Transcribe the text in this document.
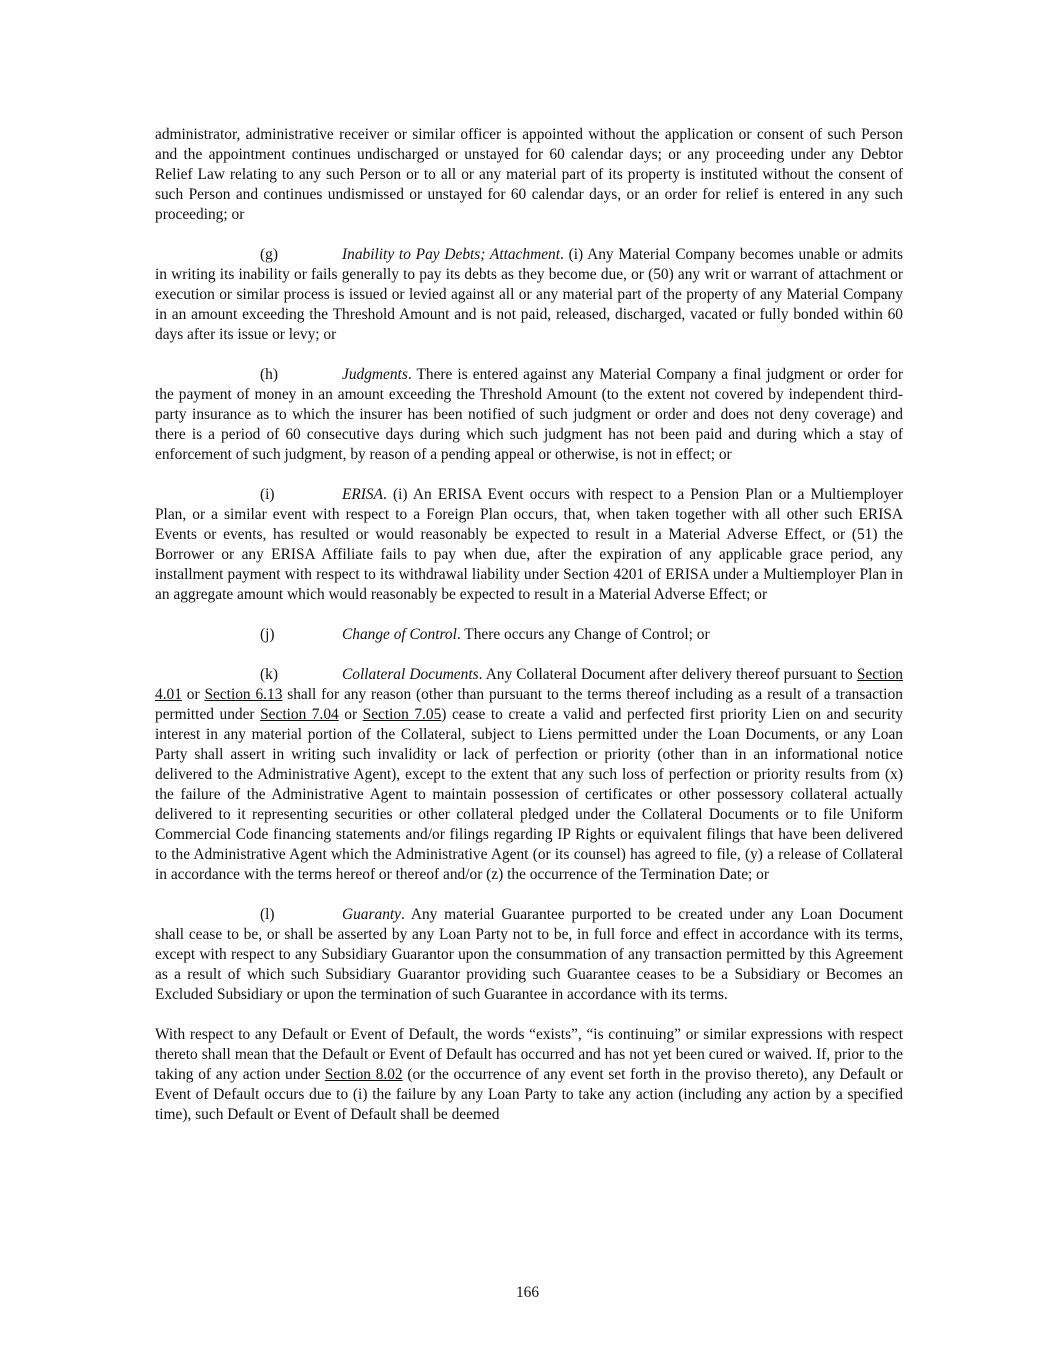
administrator, administrative receiver or similar officer is appointed without the application or consent of such Person and the appointment continues undischarged or unstayed for 60 calendar days; or any proceeding under any Debtor Relief Law relating to any such Person or to all or any material part of its property is instituted without the consent of such Person and continues undismissed or unstayed for 60 calendar days, or an order for relief is entered in any such proceeding; or

(g)	Inability to Pay Debts; Attachment. (i) Any Material Company becomes unable or admits in writing its inability or fails generally to pay its debts as they become due, or (50) any writ or warrant of attachment or execution or similar process is issued or levied against all or any material part of the property of any Material Company in an amount exceeding the Threshold Amount and is not paid, released, discharged, vacated or fully bonded within 60 days after its issue or levy; or

(h)	Judgments. There is entered against any Material Company a final judgment or order for the payment of money in an amount exceeding the Threshold Amount (to the extent not covered by independent third-party insurance as to which the insurer has been notified of such judgment or order and does not deny coverage) and there is a period of 60 consecutive days during which such judgment has not been paid and during which a stay of enforcement of such judgment, by reason of a pending appeal or otherwise, is not in effect; or

(i)	ERISA. (i) An ERISA Event occurs with respect to a Pension Plan or a Multiemployer Plan, or a similar event with respect to a Foreign Plan occurs, that, when taken together with all other such ERISA Events or events, has resulted or would reasonably be expected to result in a Material Adverse Effect, or (51) the Borrower or any ERISA Affiliate fails to pay when due, after the expiration of any applicable grace period, any installment payment with respect to its withdrawal liability under Section 4201 of ERISA under a Multiemployer Plan in an aggregate amount which would reasonably be expected to result in a Material Adverse Effect; or

(j)	Change of Control. There occurs any Change of Control; or

(k)	Collateral Documents. Any Collateral Document after delivery thereof pursuant to Section 4.01 or Section 6.13 shall for any reason (other than pursuant to the terms thereof including as a result of a transaction permitted under Section 7.04 or Section 7.05) cease to create a valid and perfected first priority Lien on and security interest in any material portion of the Collateral, subject to Liens permitted under the Loan Documents, or any Loan Party shall assert in writing such invalidity or lack of perfection or priority (other than in an informational notice delivered to the Administrative Agent), except to the extent that any such loss of perfection or priority results from (x) the failure of the Administrative Agent to maintain possession of certificates or other possessory collateral actually delivered to it representing securities or other collateral pledged under the Collateral Documents or to file Uniform Commercial Code financing statements and/or filings regarding IP Rights or equivalent filings that have been delivered to the Administrative Agent which the Administrative Agent (or its counsel) has agreed to file, (y) a release of Collateral in accordance with the terms hereof or thereof and/or (z) the occurrence of the Termination Date; or

(l)	Guaranty. Any material Guarantee purported to be created under any Loan Document shall cease to be, or shall be asserted by any Loan Party not to be, in full force and effect in accordance with its terms, except with respect to any Subsidiary Guarantor upon the consummation of any transaction permitted by this Agreement as a result of which such Subsidiary Guarantor providing such Guarantee ceases to be a Subsidiary or Becomes an Excluded Subsidiary or upon the termination of such Guarantee in accordance with its terms.

With respect to any Default or Event of Default, the words “exists”, “is continuing” or similar expressions with respect thereto shall mean that the Default or Event of Default has occurred and has not yet been cured or waived. If, prior to the taking of any action under Section 8.02 (or the occurrence of any event set forth in the proviso thereto), any Default or Event of Default occurs due to (i) the failure by any Loan Party to take any action (including any action by a specified time), such Default or Event of Default shall be deemed

166
